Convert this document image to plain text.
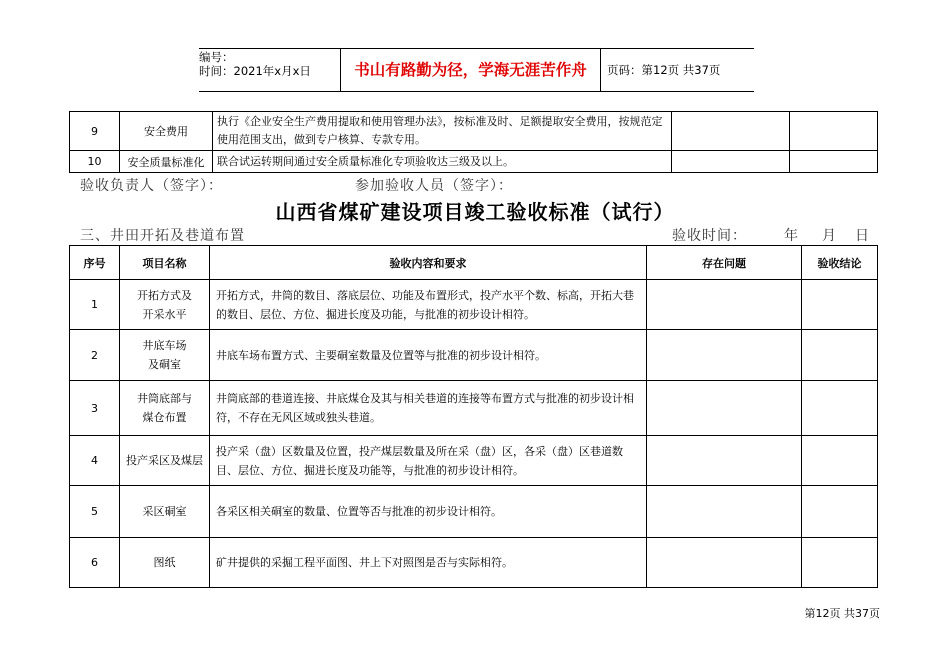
编号：
时间：2021年x月x日	书山有路勤为径，学海无涯苦作舟	页码：第12页 共37页
9	安全费用	执行《企业安全生产费用提取和使用管理办法》，按标准及时、足额提取安全费用，按规范定使用范围支出，做到专户核算、专款专用。		
10	安全质量标准化	联合试运转期间通过安全质量标准化专项验收达三级及以上。		
验收负责人（签字）：	参加验收人员（签字）：
山西省煤矿建设项目竣工验收标准（试行）
三、井田开拓及巷道布置	验收时间：	年 月 日
序号	项目名称	验收内容和要求	存在问题	验收结论
1	开拓方式及
开采水平	开拓方式，井筒的数目、落底层位、功能及布置形式，投产水平个数、标高，开拓大巷的数目、层位、方位、掘进长度及功能，与批准的初步设计相符。		
2	井底车场
及硐室	井底车场布置方式、主要硐室数量及位置等与批准的初步设计相符。		
3	井筒底部与
煤仓布置	井筒底部的巷道连接、井底煤仓及其与相关巷道的连接等布置方式与批准的初步设计相符，不存在无风区域或独头巷道。		
4	投产采区及煤层	投产采（盘）区数量及位置，投产煤层数量及所在采（盘）区，各采（盘）区巷道数目、层位、方位、掘进长度及功能等，与批准的初步设计相符。		
5	采区硐室	各采区相关硐室的数量、位置等否与批准的初步设计相符。		
6	图纸	矿井提供的采掘工程平面图、井上下对照图是否与实际相符。		
第12页 共37页
